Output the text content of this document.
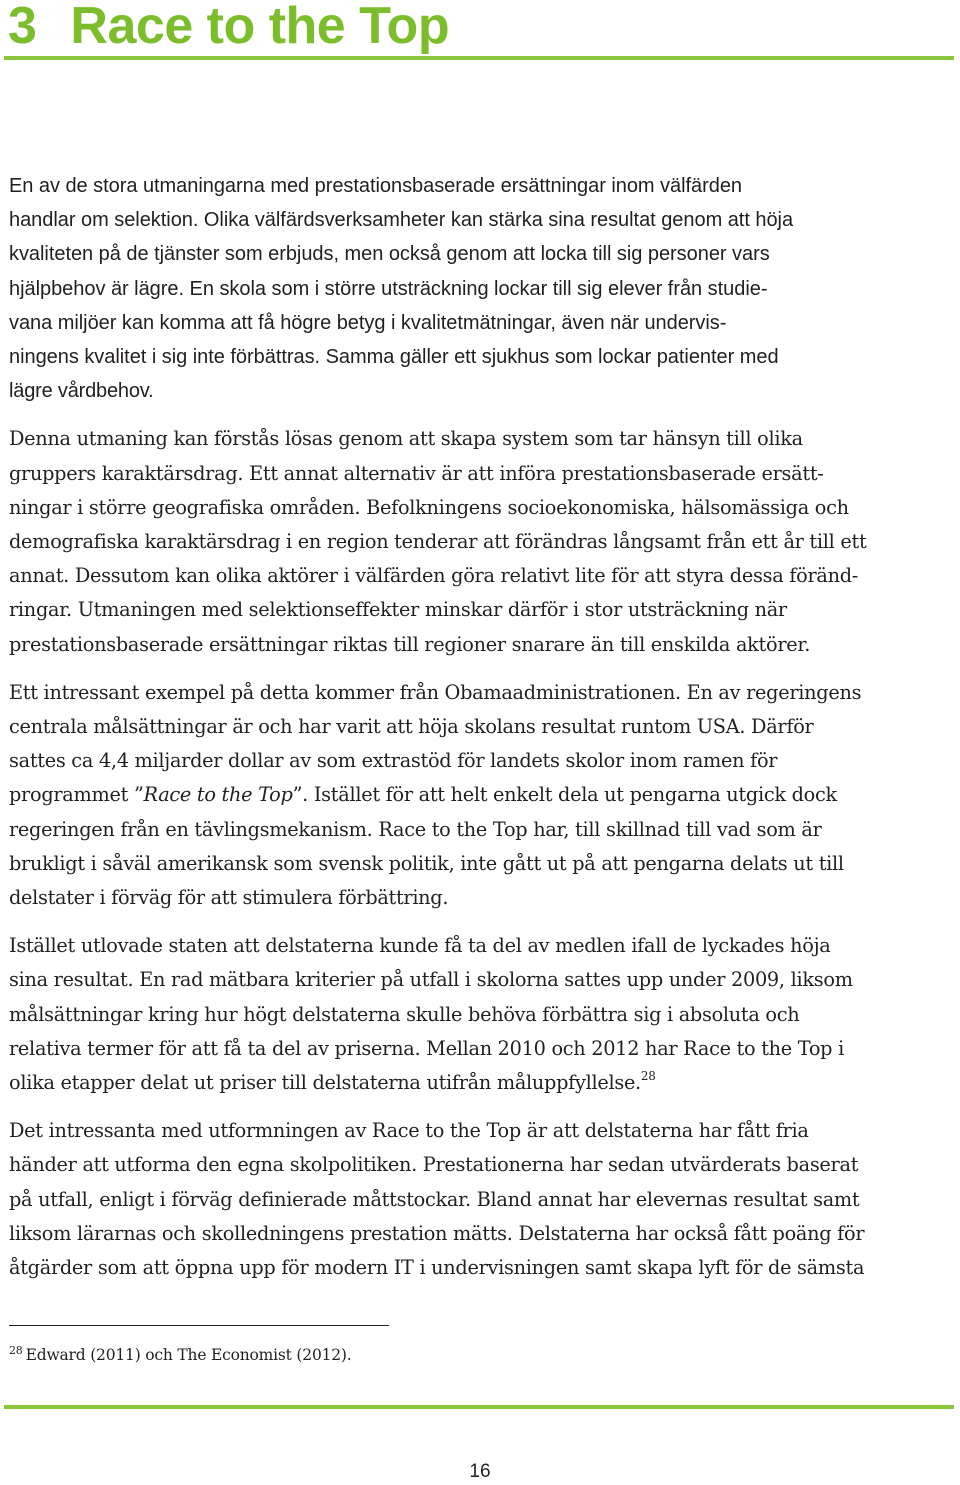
3 Race to the Top

En av de stora utmaningarna med prestationsbaserade ersättningar inom välfärden
handlar om selektion. Olika välfärdsverksamheter kan stärka sina resultat genom att höja
kvaliteten på de tjänster som erbjuds, men också genom att locka till sig personer vars
hjälpbehov är lägre. En skola som i större utsträckning lockar till sig elever från studie-
vana miljöer kan komma att få högre betyg i kvalitetmätningar, även när undervis-
ningens kvalitet i sig inte förbättras. Samma gäller ett sjukhus som lockar patienter med
lägre vårdbehov.

Denna utmaning kan förstås lösas genom att skapa system som tar hänsyn till olika
gruppers karaktärsdrag. Ett annat alternativ är att införa prestationsbaserade ersätt-
ningar i större geografiska områden. Befolkningens socioekonomiska, hälsomässiga och
demografiska karaktärsdrag i en region tenderar att förändras långsamt från ett år till ett
annat. Dessutom kan olika aktörer i välfärden göra relativt lite för att styra dessa föränd-
ringar. Utmaningen med selektionseffekter minskar därför i stor utsträckning när
prestationsbaserade ersättningar riktas till regioner snarare än till enskilda aktörer.

Ett intressant exempel på detta kommer från Obamaadministrationen. En av regeringens
centrala målsättningar är och har varit att höja skolans resultat runtom USA. Därför
sattes ca 4,4 miljarder dollar av som extrastöd för landets skolor inom ramen för
programmet ”Race to the Top”. Istället för att helt enkelt dela ut pengarna utgick dock
regeringen från en tävlingsmekanism. Race to the Top har, till skillnad till vad som är
brukligt i såväl amerikansk som svensk politik, inte gått ut på att pengarna delats ut till
delstater i förväg för att stimulera förbättring.

Istället utlovade staten att delstaterna kunde få ta del av medlen ifall de lyckades höja
sina resultat. En rad mätbara kriterier på utfall i skolorna sattes upp under 2009, liksom
målsättningar kring hur högt delstaterna skulle behöva förbättra sig i absoluta och
relativa termer för att få ta del av priserna. Mellan 2010 och 2012 har Race to the Top i
olika etapper delat ut priser till delstaterna utifrån måluppfyllelse.$^{28}$

Det intressanta med utformningen av Race to the Top är att delstaterna har fått fria
händer att utforma den egna skolpolitiken. Prestationerna har sedan utvärderats baserat
på utfall, enligt i förväg definierade måttstockar. Bland annat har elevernas resultat samt
liksom lärarnas och skolledningens prestation mätts. Delstaterna har också fått poäng för
åtgärder som att öppna upp för modern IT i undervisningen samt skapa lyft för de sämsta

$^{28}$ Edward (2011) och The Economist (2012).

16
